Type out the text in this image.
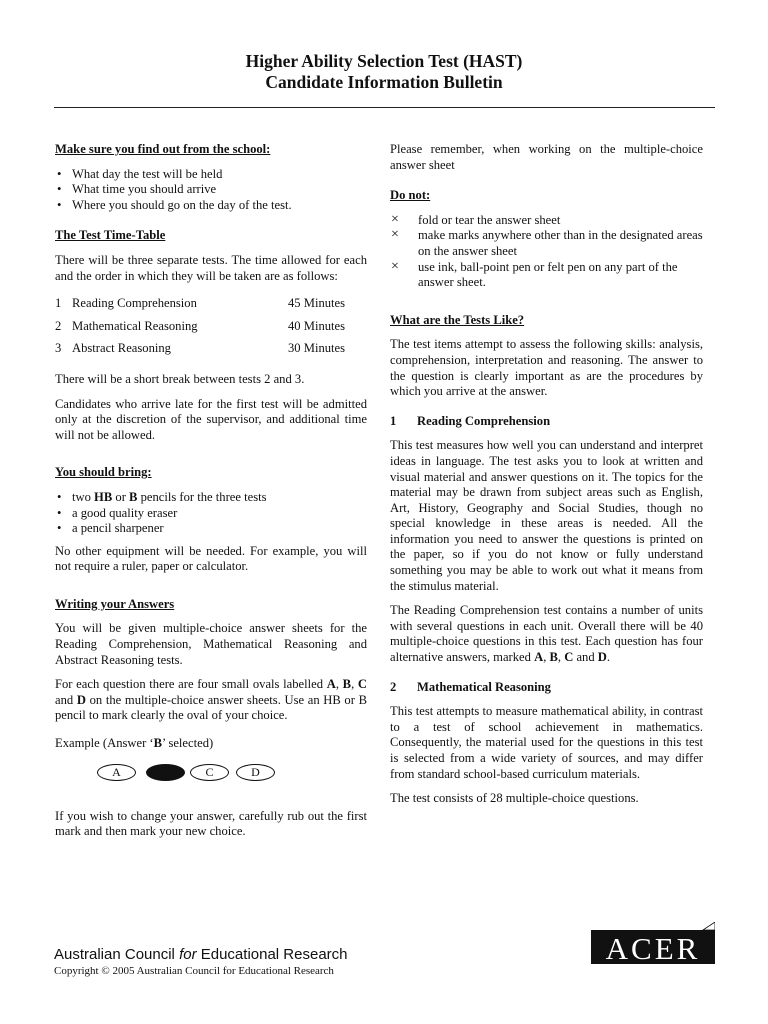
Higher Ability Selection Test (HAST)
Candidate Information Bulletin
Make sure you find out from the school:
• What day the test will be held
• What time you should arrive
• Where you should go on the day of the test.
The Test Time-Table

There will be three separate tests. The time allowed for each and the order in which they will be taken are as follows:

1	Reading Comprehension	45 Minutes
2	Mathematical Reasoning	40 Minutes
3	Abstract Reasoning	30 Minutes

There will be a short break between tests 2 and 3.

Candidates who arrive late for the first test will be admitted only at the discretion of the supervisor, and additional time will not be allowed.

You should bring:
• two HB or B pencils for the three tests
• a good quality eraser
• a pencil sharpener

No other equipment will be needed. For example, you will not require a ruler, paper or calculator.

Writing your Answers

You will be given multiple-choice answer sheets for the Reading Comprehension, Mathematical Reasoning and Abstract Reasoning tests.

For each question there are four small ovals labelled A, B, C and D on the multiple-choice answer sheets. Use an HB or B pencil to mark clearly the oval of your choice.

Example (Answer ‘B’ selected)

A	C	D

If you wish to change your answer, carefully rub out the first mark and then mark your new choice.

Please remember, when working on the multiple-choice answer sheet

Do not:
× fold or tear the answer sheet
× make marks anywhere other than in the designated areas on the answer sheet
× use ink, ball-point pen or felt pen on any part of the answer sheet.
What are the Tests Like?

The test items attempt to assess the following skills: analysis, comprehension, interpretation and reasoning. The answer to the question is clearly important as are the procedures by which you arrive at the answer.

1 Reading Comprehension

This test measures how well you can understand and interpret ideas in language. The test asks you to look at written and visual material and answer questions on it. The topics for the material may be drawn from subject areas such as English, Art, History, Geography and Social Studies, though no special knowledge in these areas is needed. All the information you need to answer the questions is printed on the paper, so if you do not know or fully understand something you may be able to work out what it means from the stimulus material.

The Reading Comprehension test contains a number of units with several questions in each unit. Overall there will be 40 multiple-choice questions in this test. Each question has four alternative answers, marked A, B, C and D.

2 Mathematical Reasoning

This test attempts to measure mathematical ability, in contrast to a test of school achievement in mathematics. Consequently, the material used for the questions in this test is selected from a wide variety of sources, and may differ from standard school-based curriculum materials.

The test consists of 28 multiple-choice questions.

Australian Council for Educational Research
Copyright © 2005 Australian Council for Educational Research
ACER
